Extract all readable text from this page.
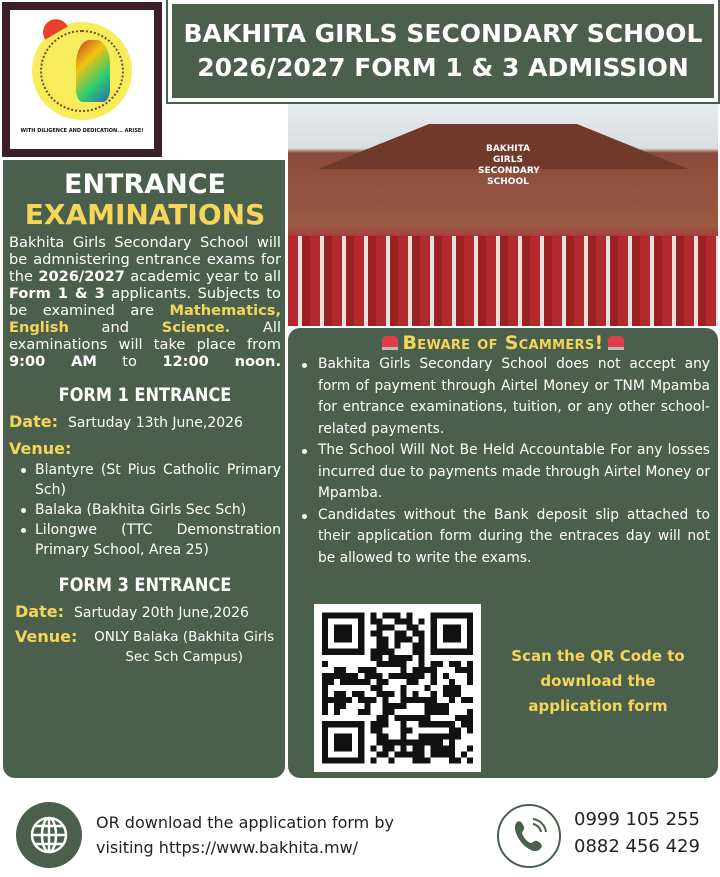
WITH DILIGENCE AND DEDICATION... ARISE!
BAKHITA GIRLS SECONDARY SCHOOL
2026/2027 FORM 1 & 3 ADMISSION
BAKHITA GIRLS SECONDARY SCHOOL
ENTRANCE
EXAMINATIONS

Bakhita Girls Secondary School will be admnistering entrance exams for the 2026/2027 academic year to all Form 1 & 3 applicants. Subjects to be examined are Mathematics, English and Science. All examinations will take place from 9:00 AM to 12:00 noon.

FORM 1 ENTRANCE
Date: Sartuday 13th June,2026
Venue:
Blantyre (St Pius Catholic Primary Sch)
Balaka (Bakhita Girls Sec Sch)
Lilongwe (TTC Demonstration Primary School, Area 25)
FORM 3 ENTRANCE
Date: Sartuday 20th June,2026
Venue:	ONLY Balaka (Bakhita Girls Sec Sch Campus)
Beware of Scammers!
Bakhita Girls Secondary School does not accept any form of payment through Airtel Money or TNM Mpamba for entrance examinations, tuition, or any other school-related payments.
The School Will Not Be Held Accountable For any losses incurred due to payments made through Airtel Money or Mpamba.
Candidates without the Bank deposit slip attached to their application form during the entraces day will not be allowed to write the exams.
Scan the QR Code to download the application form
OR download the application form by
visiting https://www.bakhita.mw/
0999 105 255
0882 456 429
